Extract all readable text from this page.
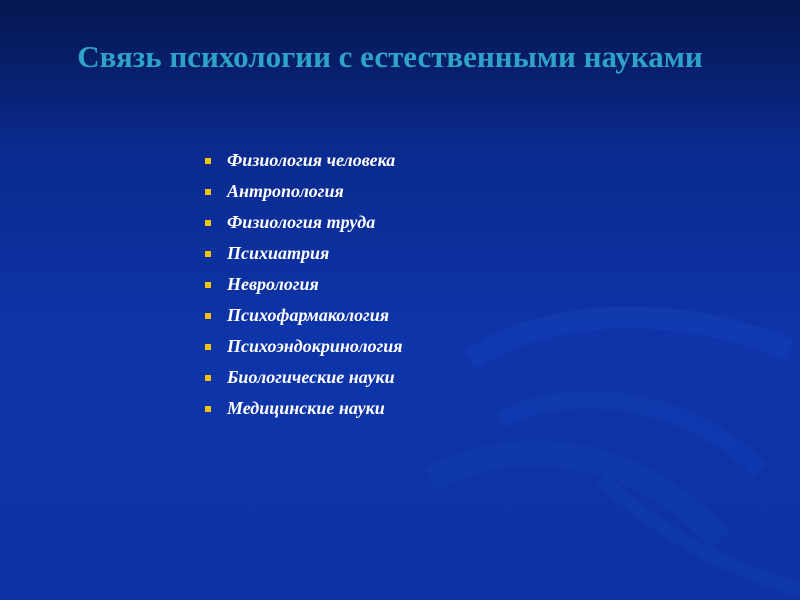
Связь психологии с естественными науками
Физиология человека
Антропология
Физиология труда
Психиатрия
Неврология
Психофармакология
Психоэндокринология
Биологические науки
Медицинские науки
